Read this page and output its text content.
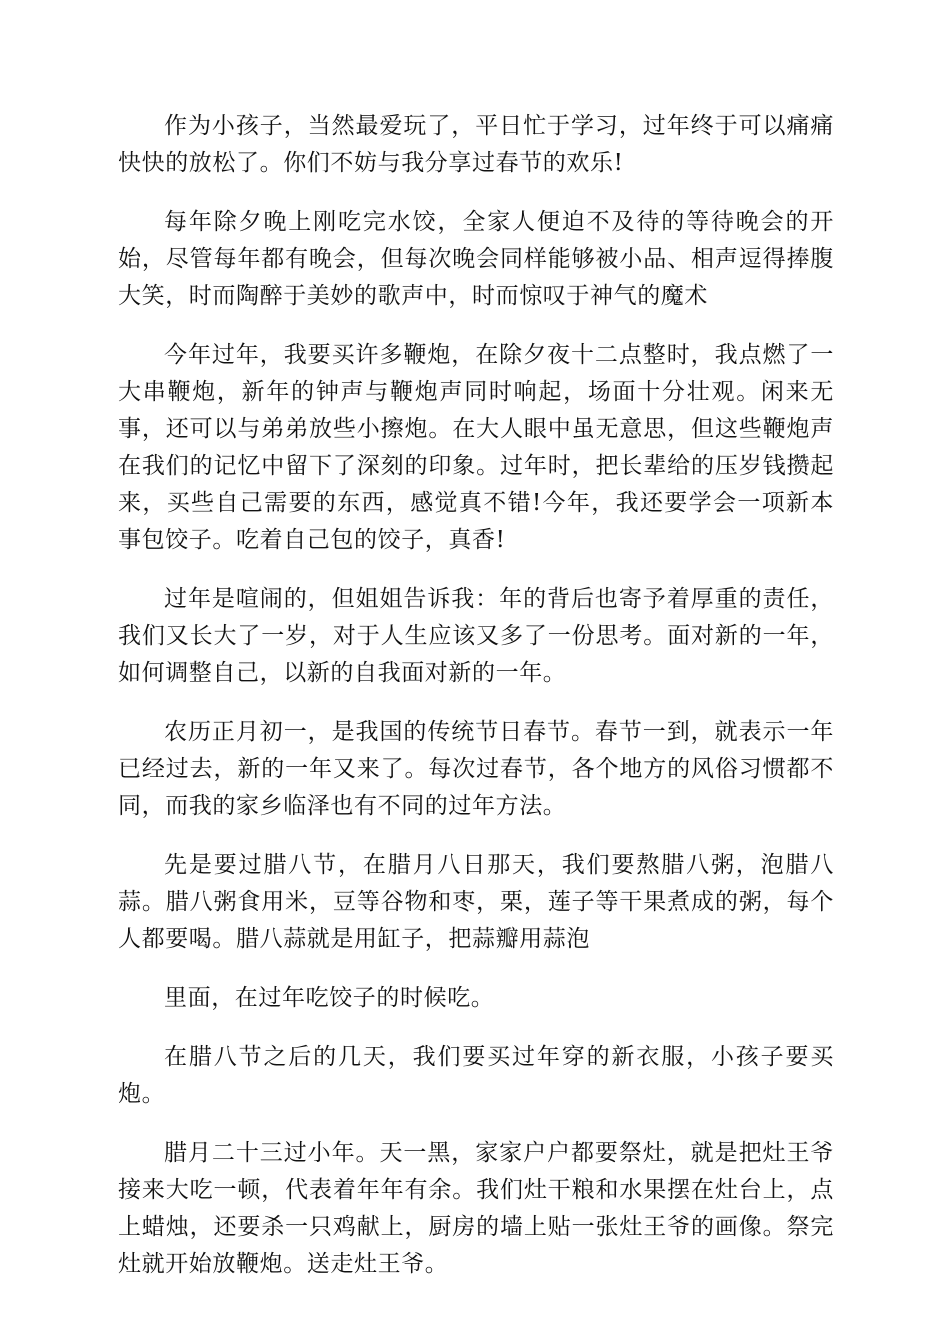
作为小孩子，当然最爱玩了，平日忙于学习，过年终于可以痛痛快快的放松了。你们不妨与我分享过春节的欢乐!

每年除夕晚上刚吃完水饺，全家人便迫不及待的等待晚会的开始，尽管每年都有晚会，但每次晚会同样能够被小品、相声逗得捧腹大笑，时而陶醉于美妙的歌声中，时而惊叹于神气的魔术

今年过年，我要买许多鞭炮，在除夕夜十二点整时，我点燃了一大串鞭炮，新年的钟声与鞭炮声同时响起，场面十分壮观。闲来无事，还可以与弟弟放些小擦炮。在大人眼中虽无意思，但这些鞭炮声在我们的记忆中留下了深刻的印象。过年时，把长辈给的压岁钱攒起来，买些自己需要的东西，感觉真不错!今年，我还要学会一项新本事包饺子。吃着自己包的饺子，真香!

过年是喧闹的，但姐姐告诉我：年的背后也寄予着厚重的责任，我们又长大了一岁，对于人生应该又多了一份思考。面对新的一年，如何调整自己，以新的自我面对新的一年。

农历正月初一，是我国的传统节日春节。春节一到，就表示一年已经过去，新的一年又来了。每次过春节，各个地方的风俗习惯都不同，而我的家乡临泽也有不同的过年方法。

先是要过腊八节，在腊月八日那天，我们要熬腊八粥，泡腊八蒜。腊八粥食用米，豆等谷物和枣，栗，莲子等干果煮成的粥，每个人都要喝。腊八蒜就是用缸子，把蒜瓣用蒜泡

里面，在过年吃饺子的时候吃。

在腊八节之后的几天，我们要买过年穿的新衣服，小孩子要买炮。

腊月二十三过小年。天一黑，家家户户都要祭灶，就是把灶王爷接来大吃一顿，代表着年年有余。我们灶干粮和水果摆在灶台上，点上蜡烛，还要杀一只鸡献上，厨房的墙上贴一张灶王爷的画像。祭完灶就开始放鞭炮。送走灶王爷。
